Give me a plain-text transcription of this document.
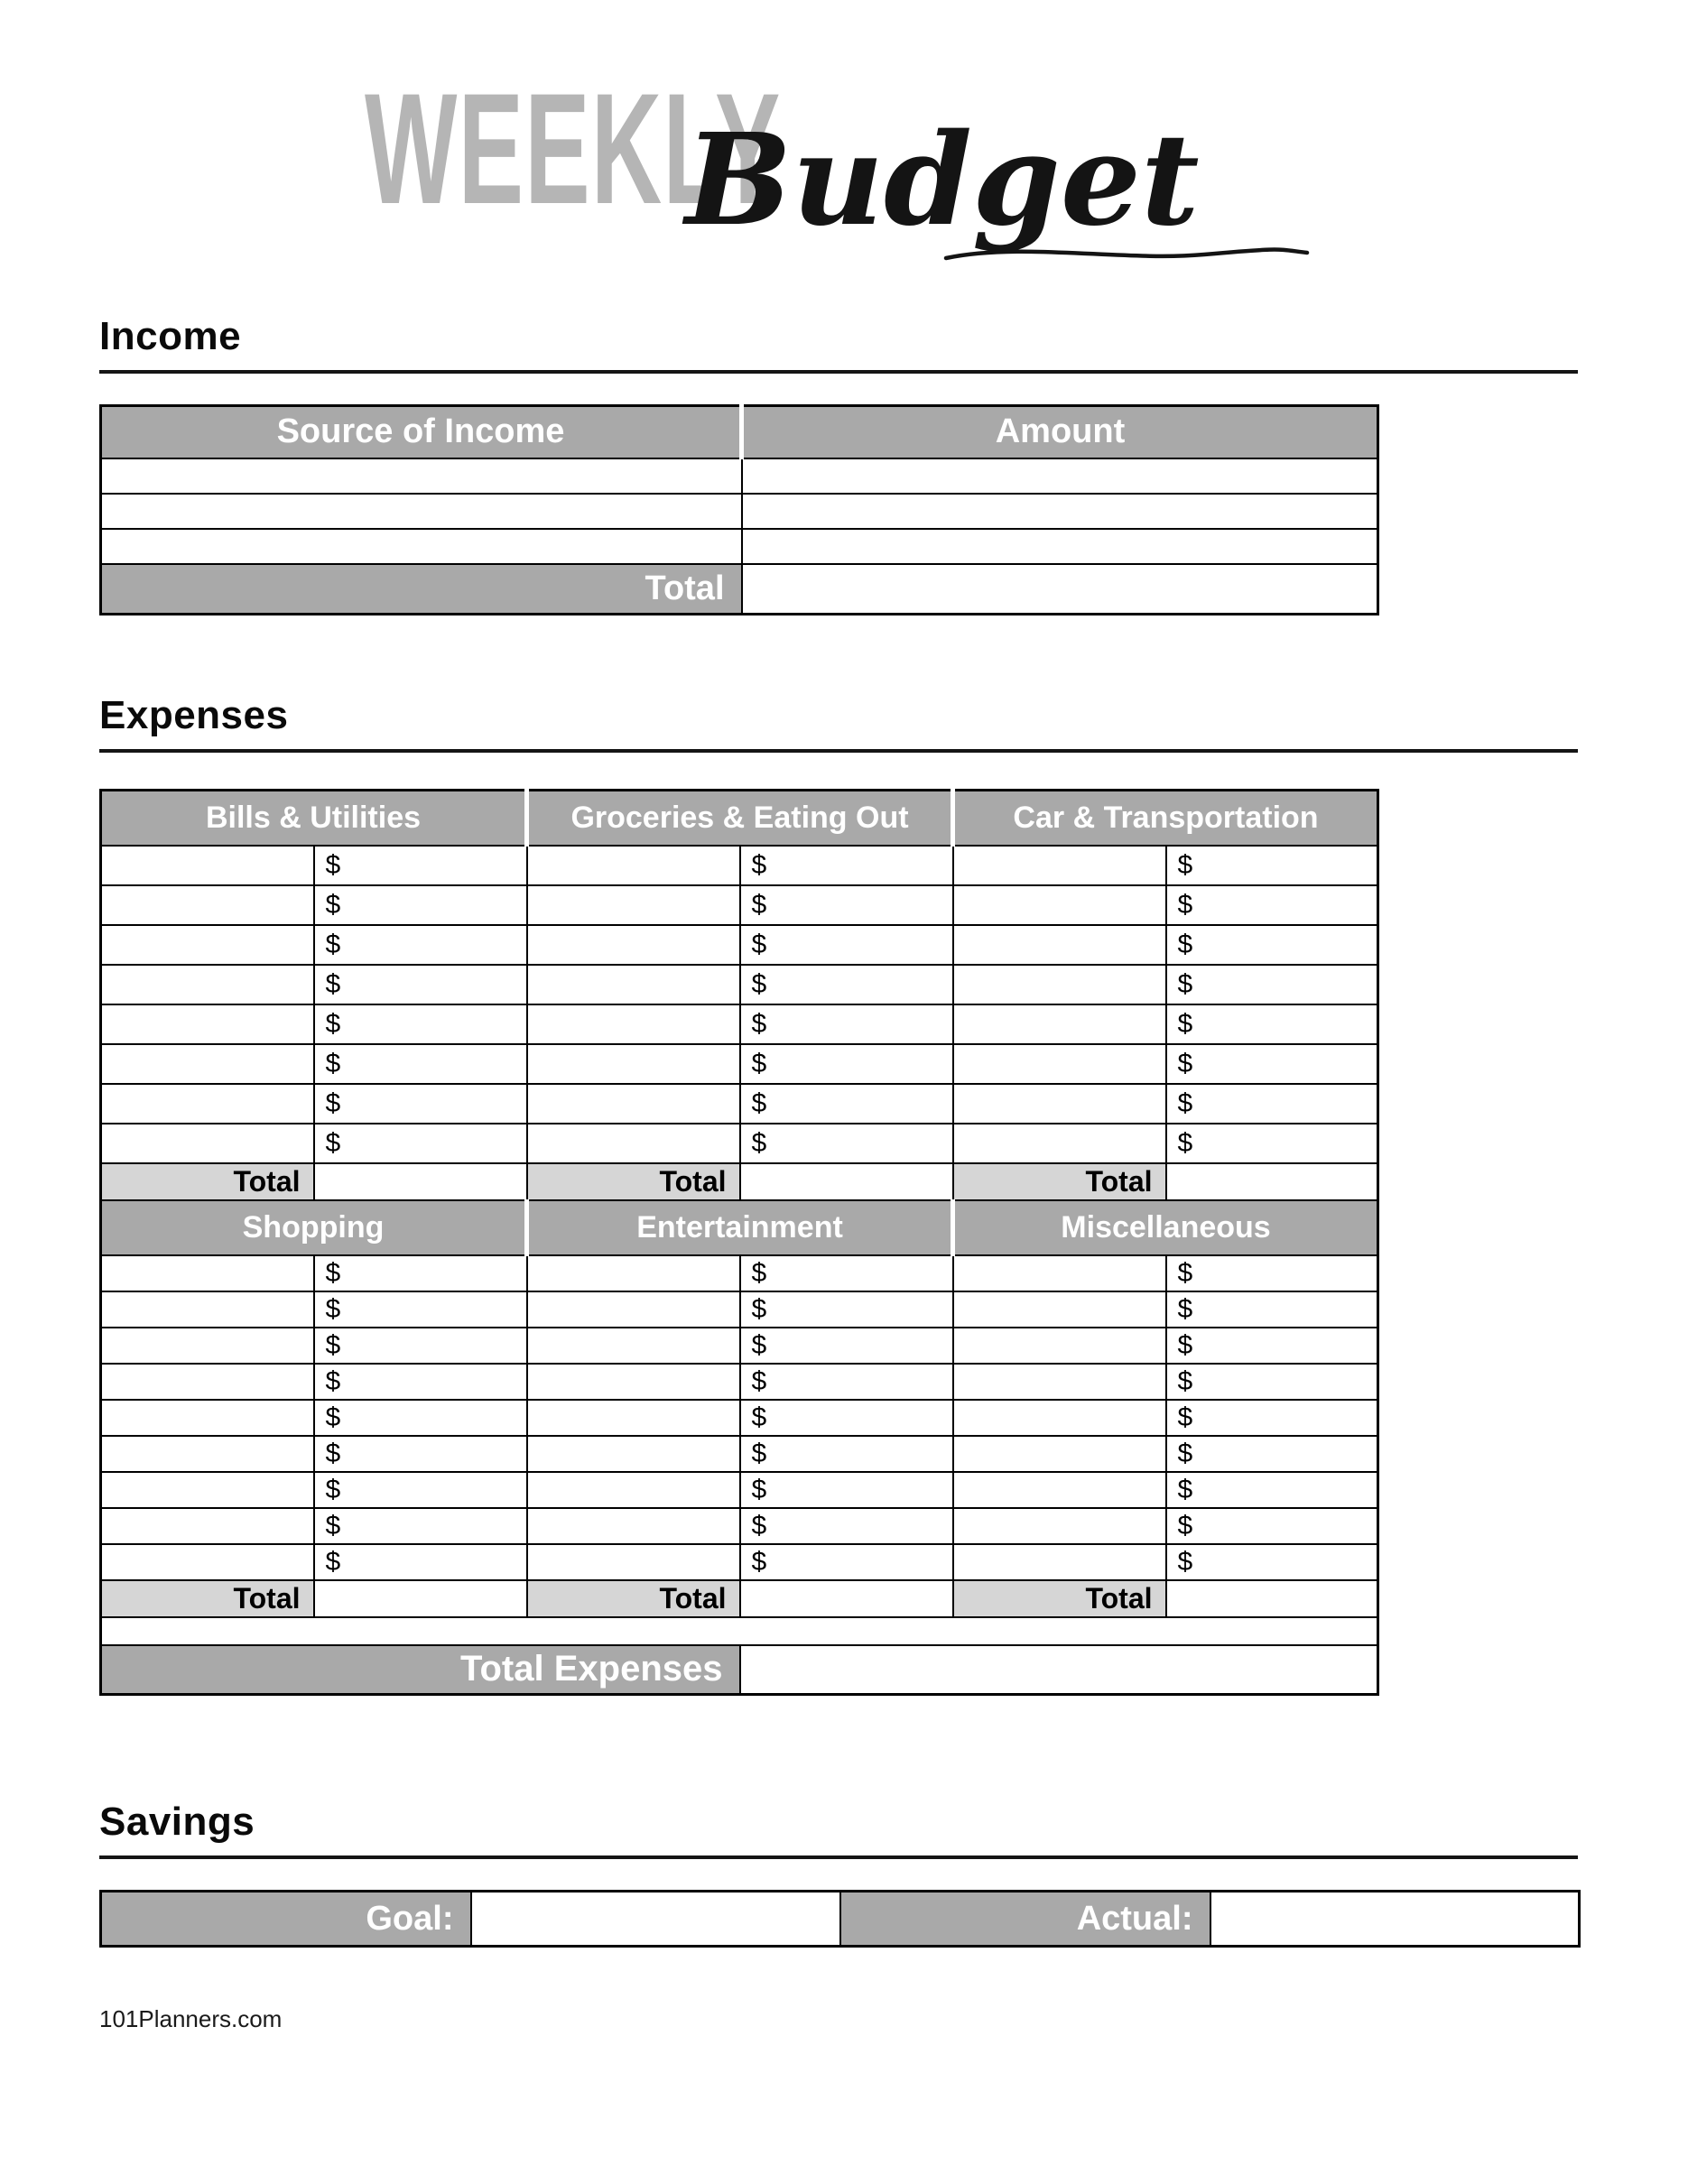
WEEKLY
Budget
Income
Source of Income	Amount

Total	
Expenses
Bills & Utilities		Groceries & Eating Out		Car & Transportation	
	$		$		$
	$		$		$
	$		$		$
	$		$		$
	$		$		$
	$		$		$
	$		$		$
	$		$		$
Total		Total		Total	
Shopping		Entertainment		Miscellaneous	
	$		$		$
	$		$		$
	$		$		$
	$		$		$
	$		$		$
	$		$		$
	$		$		$
	$		$		$
	$		$		$
Total		Total		Total	

Total Expenses					
Savings
Goal:		Actual:	
101Planners.com
